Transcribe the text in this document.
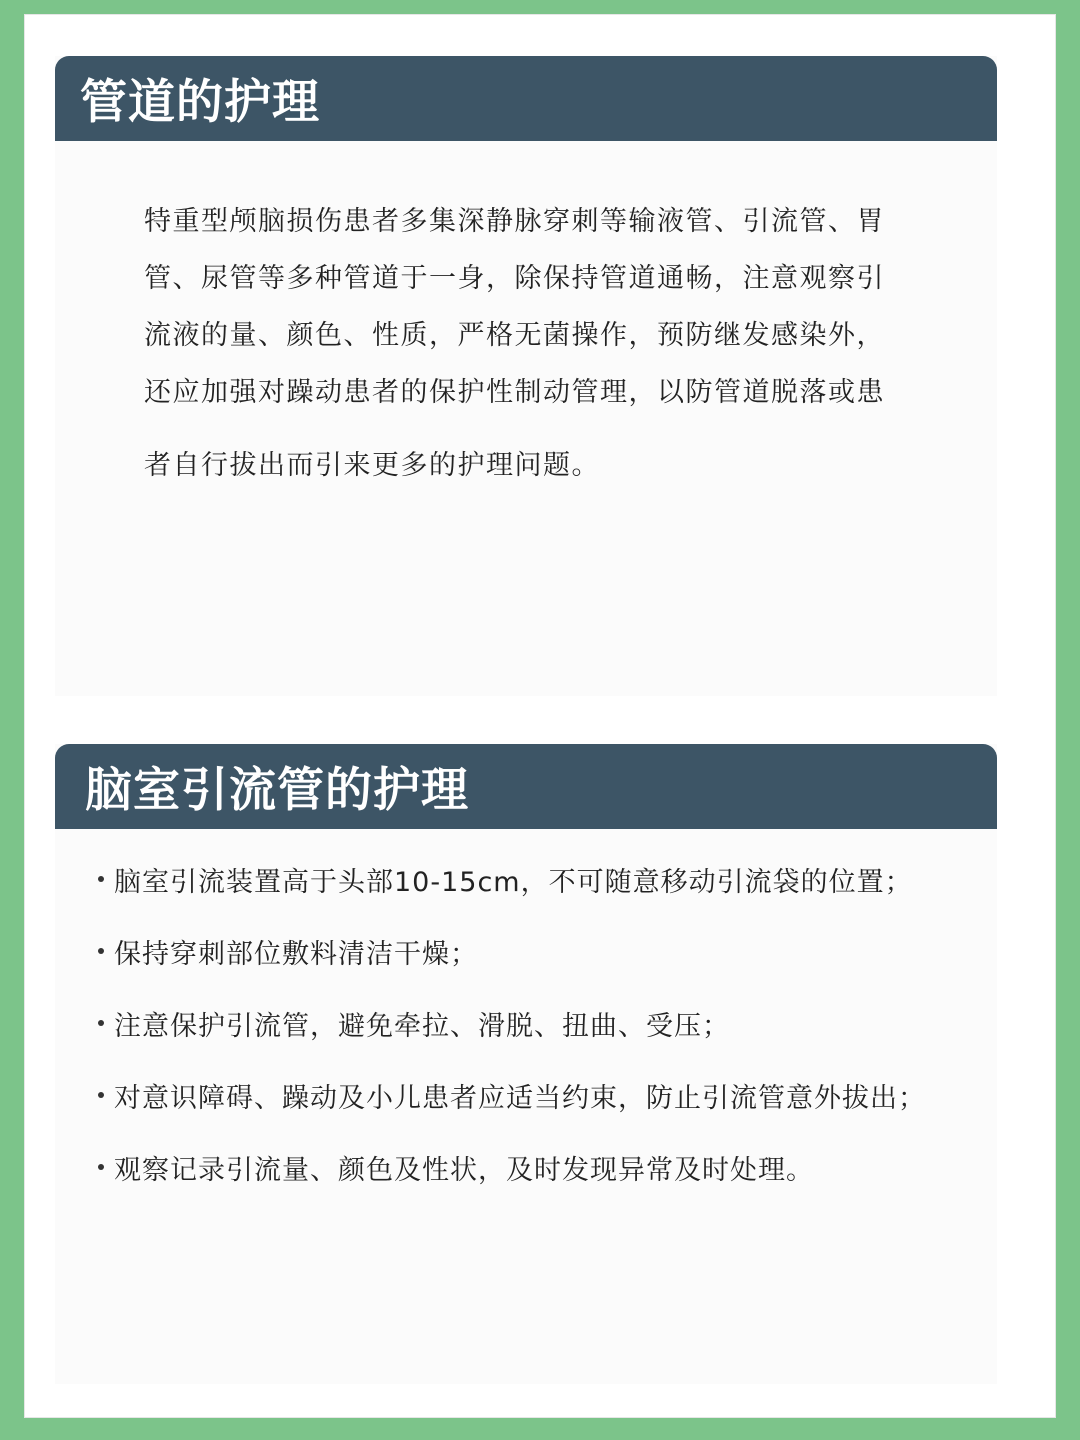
管道的护理

特重型颅脑损伤患者多集深静脉穿刺等输液管、引流管、胃管、尿管等多种管道于一身，除保持管道通畅，注意观察引流液的量、颜色、性质，严格无菌操作，预防继发感染外，还应加强对躁动患者的保护性制动管理，以防管道脱落或患

者自行拔出而引来更多的护理问题。

脑室引流管的护理
脑室引流装置高于头部10-15cm，不可随意移动引流袋的位置；
保持穿刺部位敷料清洁干燥；
注意保护引流管，避免牵拉、滑脱、扭曲、受压；
对意识障碍、躁动及小儿患者应适当约束，防止引流管意外拔出；
观察记录引流量、颜色及性状，及时发现异常及时处理。
